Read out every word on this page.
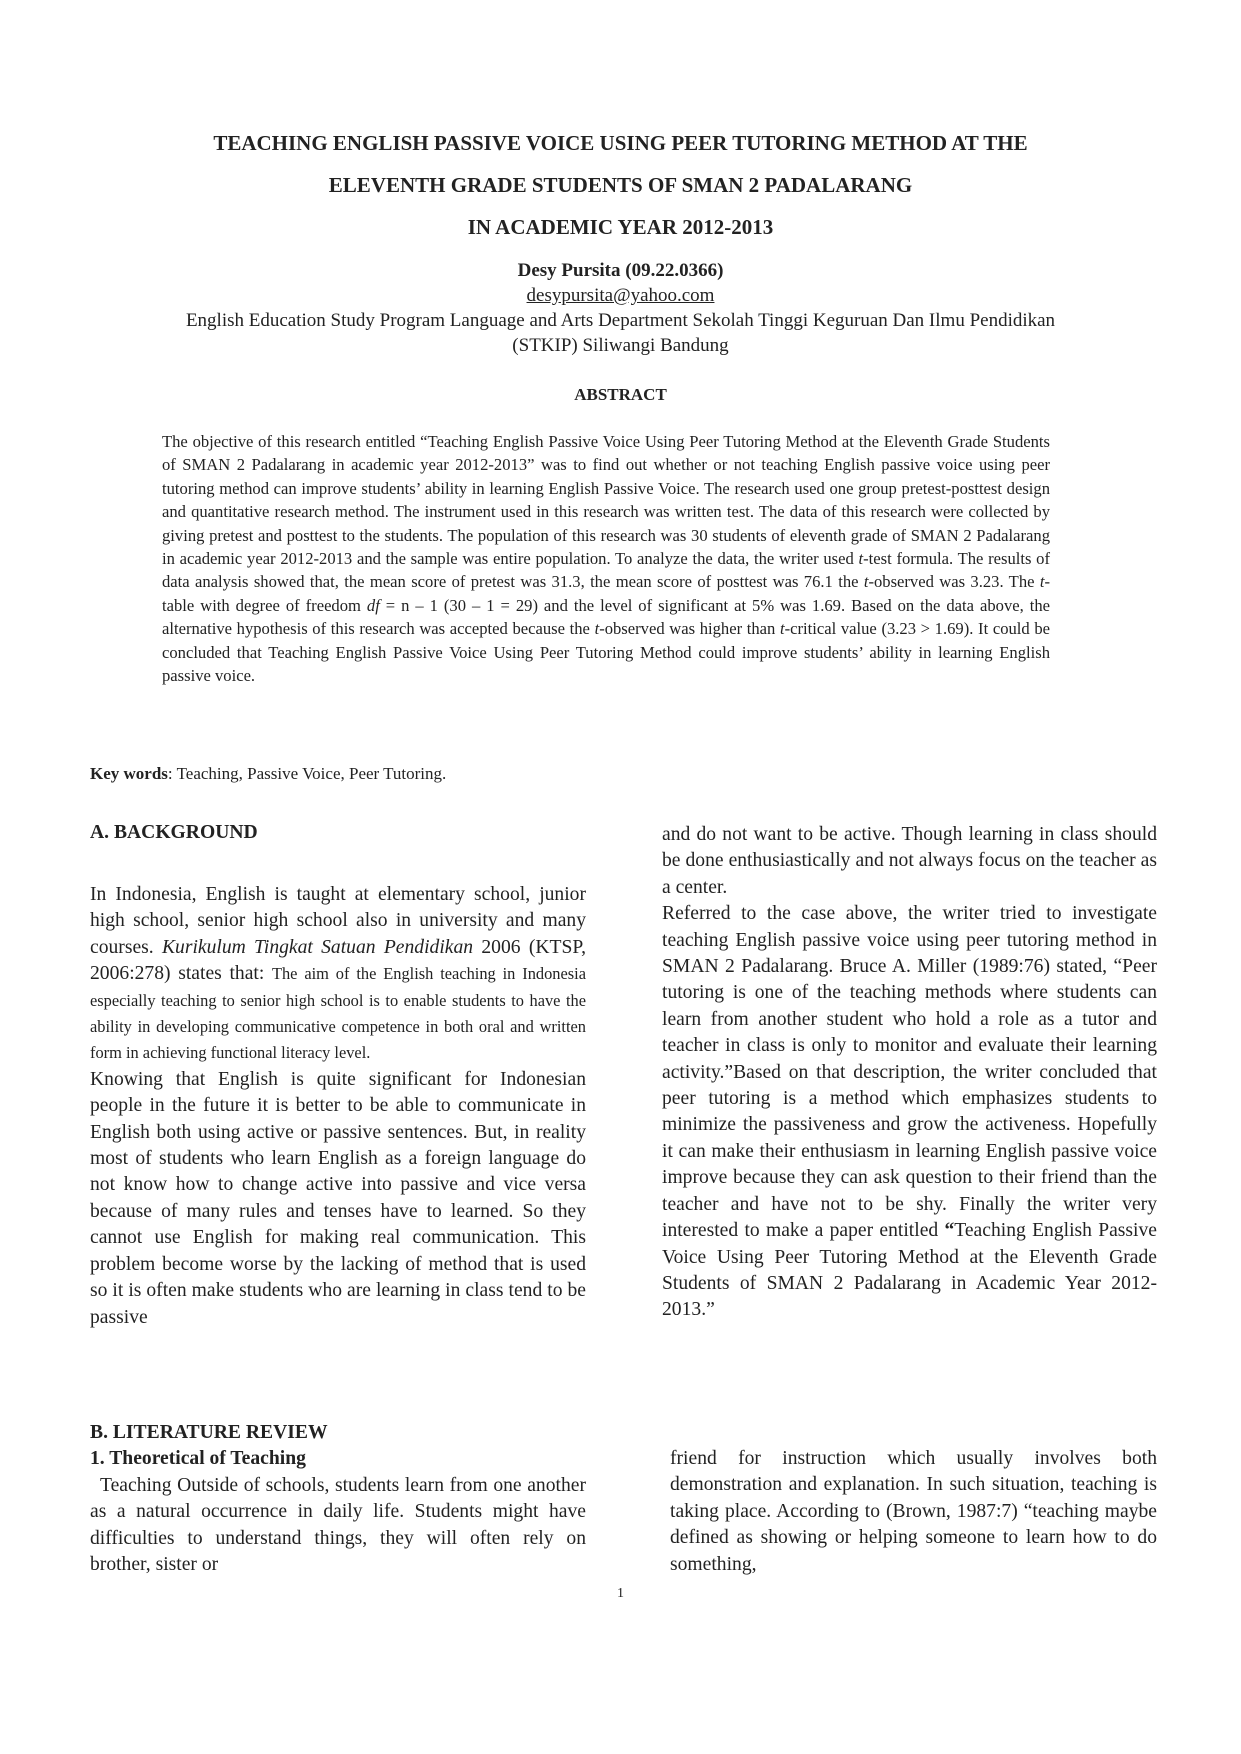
TEACHING ENGLISH PASSIVE VOICE USING PEER TUTORING METHOD AT THE
ELEVENTH GRADE STUDENTS OF SMAN 2 PADALARANG
IN ACADEMIC YEAR 2012-2013
Desy Pursita (09.22.0366)
desypursita@yahoo.com
English Education Study Program Language and Arts Department Sekolah Tinggi Keguruan Dan Ilmu Pendidikan
(STKIP) Siliwangi Bandung
ABSTRACT
The objective of this research entitled “Teaching English Passive Voice Using Peer Tutoring Method at the Eleventh Grade Students of SMAN 2 Padalarang in academic year 2012-2013” was to find out whether or not teaching English passive voice using peer tutoring method can improve students’ ability in learning English Passive Voice. The research used one group pretest-posttest design and quantitative research method. The instrument used in this research was written test. The data of this research were collected by giving pretest and posttest to the students. The population of this research was 30 students of eleventh grade of SMAN 2 Padalarang in academic year 2012-2013 and the sample was entire population. To analyze the data, the writer used t-test formula. The results of data analysis showed that, the mean score of pretest was 31.3, the mean score of posttest was 76.1 the t-observed was 3.23. The t-table with degree of freedom df = n – 1 (30 – 1 = 29) and the level of significant at 5% was 1.69. Based on the data above, the alternative hypothesis of this research was accepted because the t-observed was higher than t-critical value (3.23 > 1.69). It could be concluded that Teaching English Passive Voice Using Peer Tutoring Method could improve students’ ability in learning English passive voice.
Key words: Teaching, Passive Voice, Peer Tutoring.
A. BACKGROUND

In Indonesia, English is taught at elementary school, junior high school, senior high school also in university and many courses. Kurikulum Tingkat Satuan Pendidikan 2006 (KTSP, 2006:278) states that: The aim of the English teaching in Indonesia especially teaching to senior high school is to enable students to have the ability in developing communicative competence in both oral and written form in achieving functional literacy level.

Knowing that English is quite significant for Indonesian people in the future it is better to be able to communicate in English both using active or passive sentences. But, in reality most of students who learn English as a foreign language do not know how to change active into passive and vice versa because of many rules and tenses have to learned. So they cannot use English for making real communication. This problem become worse by the lacking of method that is used so it is often make students who are learning in class tend to be passive

and do not want to be active. Though learning in class should be done enthusiastically and not always focus on the teacher as a center.

Referred to the case above, the writer tried to investigate teaching English passive voice using peer tutoring method in SMAN 2 Padalarang. Bruce A. Miller (1989:76) stated, “Peer tutoring is one of the teaching methods where students can learn from another student who hold a role as a tutor and teacher in class is only to monitor and evaluate their learning activity.”Based on that description, the writer concluded that peer tutoring is a method which emphasizes students to minimize the passiveness and grow the activeness. Hopefully it can make their enthusiasm in learning English passive voice improve because they can ask question to their friend than the teacher and have not to be shy. Finally the writer very interested to make a paper entitled “Teaching English Passive Voice Using Peer Tutoring Method at the Eleventh Grade Students of SMAN 2 Padalarang in Academic Year 2012-2013.”

B. LITERATURE REVIEW
1. Theoretical of Teaching

Teaching Outside of schools, students learn from one another as a natural occurrence in daily life. Students might have difficulties to understand things, they will often rely on brother, sister or

friend for instruction which usually involves both demonstration and explanation. In such situation, teaching is taking place. According to (Brown, 1987:7) “teaching maybe defined as showing or helping someone to learn how to do something,

1
